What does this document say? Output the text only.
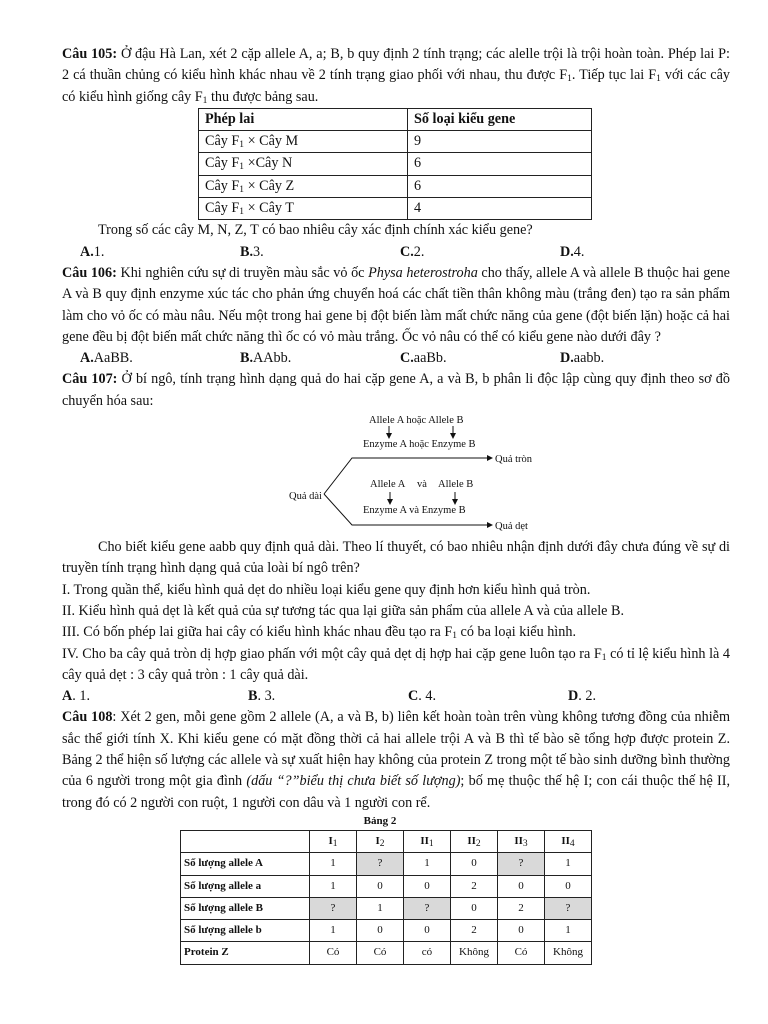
Câu 105: Ở đậu Hà Lan, xét 2 cặp allele A, a; B, b quy định 2 tính trạng; các alelle trội là trội hoàn toàn. Phép lai P: 2 cá thuần chủng có kiểu hình khác nhau về 2 tính trạng giao phối với nhau, thu được $F_1$. Tiếp tục lai $F_1$ với các cây có kiểu hình giống cây $F_1$ thu được bảng sau.

Phép lai	Số loại kiểu gene
Cây $F_1$ × Cây M	9
Cây $F_1$ ×Cây N	6
Cây $F_1$ × Cây Z	6
Cây $F_1$ × Cây T	4

Trong số các cây M, N, Z, T có bao nhiêu cây xác định chính xác kiểu gene?

A.1.	B.3.	C.2.	D.4.

Câu 106: Khi nghiên cứu sự di truyền màu sắc vỏ ốc Physa heterostroha cho thấy, allele A và allele B thuộc hai gene A và B quy định enzyme xúc tác cho phản ứng chuyển hoá các chất tiền thân không màu (trắng đen) tạo ra sản phẩm làm cho vỏ ốc có màu nâu. Nếu một trong hai gene bị đột biến làm mất chức năng của gene (đột biến lặn) hoặc cả hai gene đều bị đột biến mất chức năng thì ốc có vỏ màu trắng. Ốc vỏ nâu có thể có kiểu gene nào dưới đây ?

A.AaBB.	B.AAbb.	C.aaBb.	D.aabb.

Câu 107: Ở bí ngô, tính trạng hình dạng quả do hai cặp gene A, a và B, b phân li độc lập cùng quy định theo sơ đồ chuyển hóa sau:

Allele A hoặc Allele B
Enzyme A hoặc Enzyme B
Quả tròn
Quả dài
Allele A và Allele B
Enzyme A và Enzyme B
Quả dẹt

Cho biết kiểu gene aabb quy định quả dài. Theo lí thuyết, có bao nhiêu nhận định dưới đây chưa đúng về sự di truyền tính trạng hình dạng quả của loài bí ngô trên?

I. Trong quần thể, kiểu hình quả dẹt do nhiều loại kiểu gene quy định hơn kiểu hình quả tròn.

II. Kiểu hình quả dẹt là kết quả của sự tương tác qua lại giữa sản phẩm của allele A và của allele B.

III. Có bốn phép lai giữa hai cây có kiểu hình khác nhau đều tạo ra $F_1$ có ba loại kiểu hình.

IV. Cho ba cây quả tròn dị hợp giao phấn với một cây quả dẹt dị hợp hai cặp gene luôn tạo ra $F_1$ có tỉ lệ kiểu hình là 4 cây quả dẹt : 3 cây quả tròn : 1 cây quả dài.

A. 1.	B. 3.	C. 4.	D. 2.

Câu 108: Xét 2 gen, mỗi gene gồm 2 allele (A, a và B, b) liên kết hoàn toàn trên vùng không tương đồng của nhiễm sắc thể giới tính X. Khi kiểu gene có mặt đồng thời cả hai allele trội A và B thì tế bào sẽ tổng hợp được protein Z. Bảng 2 thể hiện số lượng các allele và sự xuất hiện hay không của protein Z trong một tế bào sinh dưỡng bình thường của 6 người trong một gia đình (dấu “?”biểu thị chưa biết số lượng); bố mẹ thuộc thế hệ I; con cái thuộc thế hệ II, trong đó có 2 người con ruột, 1 người con dâu và 1 người con rể.

Bảng 2
	$I_1$	$I_2$	$II_1$	$II_2$	$II_3$	$II_4$
Số lượng allele A	1	?	1	0	?	1
Số lượng allele a	1	0	0	2	0	0
Số lượng allele B	?	1	?	0	2	?
Số lượng allele b	1	0	0	2	0	1
Protein Z	Có	Có	có	Không	Có	Không
